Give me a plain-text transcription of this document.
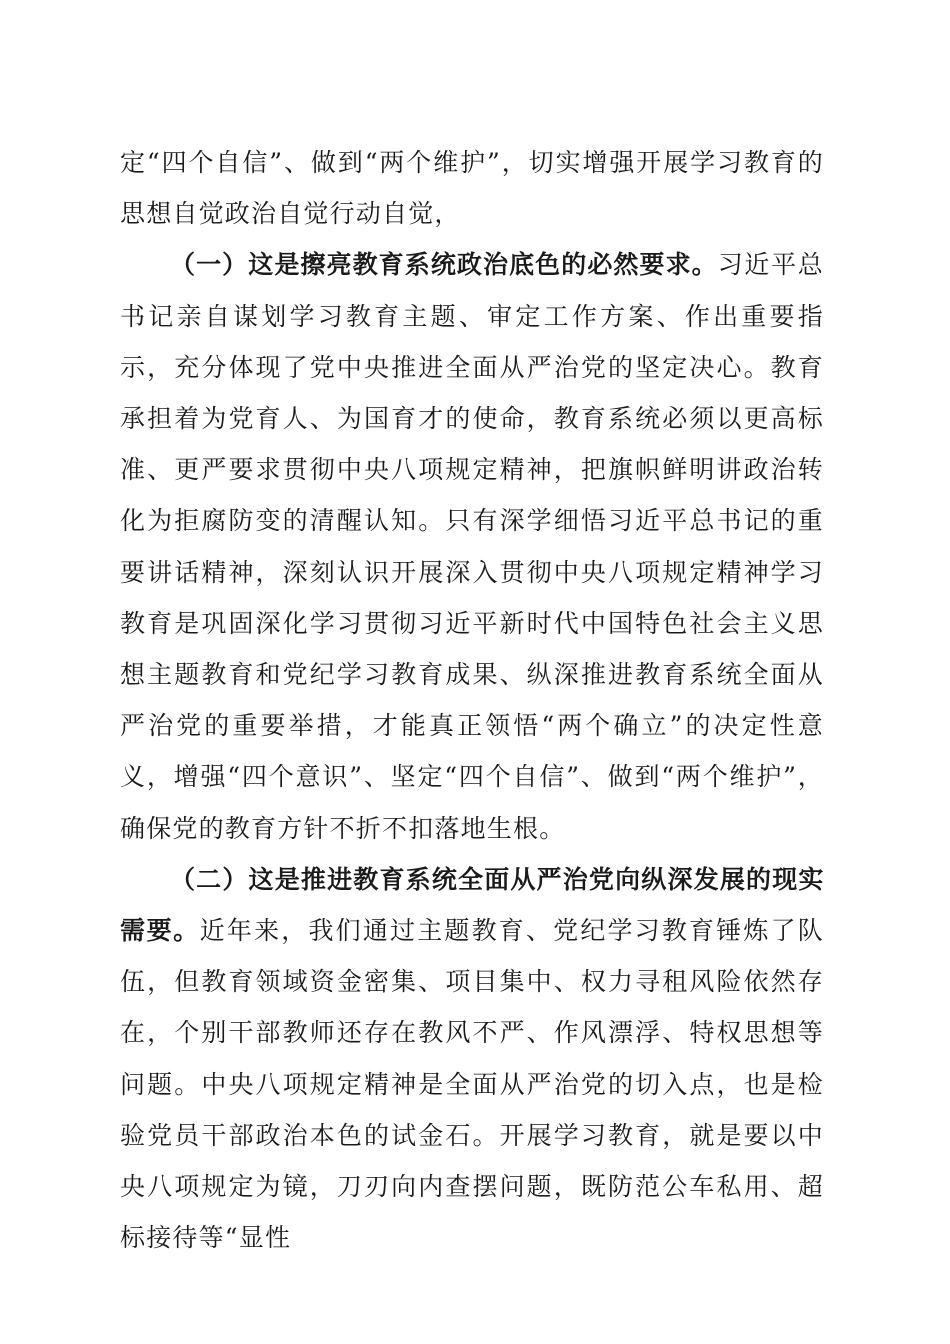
定“四个自信”、做到“两个维护”，切实增强开展学习教育的思想自觉政治自觉行动自觉，

（一）这是擦亮教育系统政治底色的必然要求。习近平总书记亲自谋划学习教育主题、审定工作方案、作出重要指示，充分体现了党中央推进全面从严治党的坚定决心。教育承担着为党育人、为国育才的使命，教育系统必须以更高标准、更严要求贯彻中央八项规定精神，把旗帜鲜明讲政治转化为拒腐防变的清醒认知。只有深学细悟习近平总书记的重要讲话精神，深刻认识开展深入贯彻中央八项规定精神学习教育是巩固深化学习贯彻习近平新时代中国特色社会主义思想主题教育和党纪学习教育成果、纵深推进教育系统全面从严治党的重要举措，才能真正领悟“两个确立”的决定性意义，增强“四个意识”、坚定“四个自信”、做到“两个维护”，确保党的教育方针不折不扣落地生根。

（二）这是推进教育系统全面从严治党向纵深发展的现实需要。近年来，我们通过主题教育、党纪学习教育锤炼了队伍，但教育领域资金密集、项目集中、权力寻租风险依然存在，个别干部教师还存在教风不严、作风漂浮、特权思想等问题。中央八项规定精神是全面从严治党的切入点，也是检验党员干部政治本色的试金石。开展学习教育，就是要以中央八项规定为镜，刀刃向内查摆问题，既防范公车私用、超标接待等“显性
